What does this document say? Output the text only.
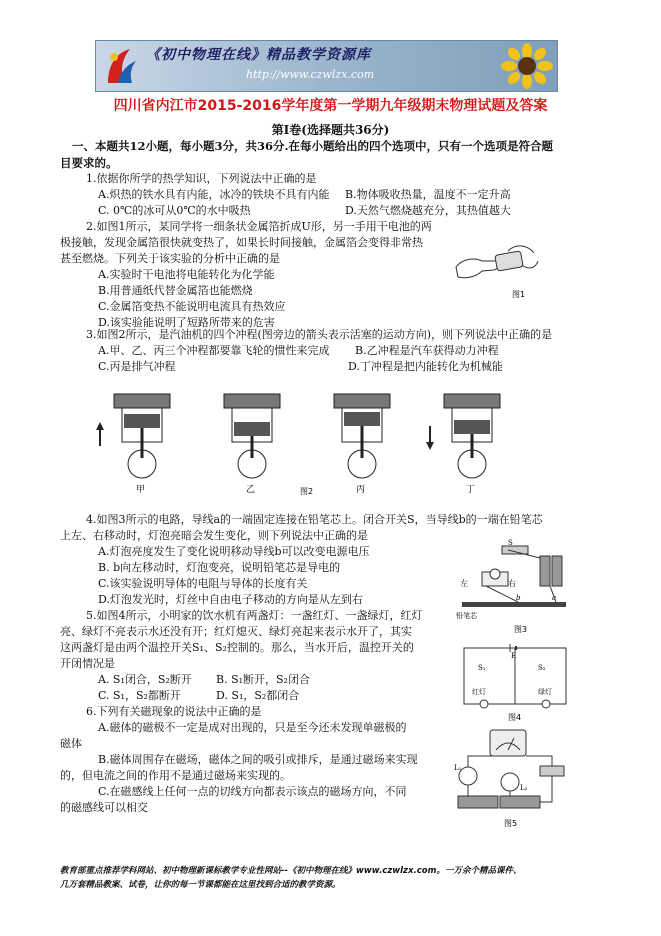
《初中物理在线》精品教学资源库
http://www.czwlzx.com
四川省内江市2015-2016学年度第一学期九年级期末物理试题及答案
第Ⅰ卷(选择题共36分)
一、本题共12小题，每小题3分，共36分.在每小题给出的四个选项中，只有一个选项是符合题
目要求的。
1.依据你所学的热学知识，下列说法中正确的是
A.炽热的铁水具有内能，冰冷的铁块不具有内能 B.物体吸收热量，温度不一定升高
C. 0℃的冰可从0℃的水中吸热	D.天然气燃烧越充分，其热值越大
2.如图1所示，某同学将一细条状金属箔折成U形，另一手用干电池的两
极接触，发现金属箔很快就变热了，如果长时间接触，金属箔会变得非常热
甚至燃烧。下列关于该实验的分析中正确的是
A.实验时干电池将电能转化为化学能
B.用普通纸代替金属箔也能燃烧
C.金属箔变热不能说明电流具有热效应
D.该实验能说明了短路所带来的危害
图1
3.如图2所示，是汽油机的四个冲程(图旁边的箭头表示活塞的运动方向)，则下列说法中正确的是
A.甲、乙、丙三个冲程都要靠飞轮的惯性来完成 B.乙冲程是汽车获得动力冲程
C.丙是排气冲程	D.丁冲程是把内能转化为机械能
甲	乙	丙	丁
图2
4.如图3所示的电路，导线a的一端固定连接在铅笔芯上。闭合开关S，当导线b的一端在铅笔芯
上左、右移动时，灯泡亮暗会发生变化，则下列说法中正确的是
A.灯泡亮度发生了变化说明移动导线b可以改变电源电压
B. b向左移动时，灯泡变亮，说明铅笔芯是导电的
C.该实验说明导体的电阻与导体的长度有关
D.灯泡发光时，灯丝中自由电子移动的方向是从左到右
S
左	右
铅笔芯
b	a
图3
5.如图4所示，小明家的饮水机有两盏灯：一盏红灯、一盏绿灯，红灯
亮、绿灯不亮表示水还没有开；红灯熄灭、绿灯亮起来表示水开了，其实
这两盏灯是由两个温控开关S₁、S₂控制的。那么，当水开后，温控开关的
开闭情况是
A. S₁闭合，S₂断开 B. S₁断开，S₂闭合
C. S₁，S₂都断开	D. S₁，S₂都闭合
E
S₁	S₂
红灯	绿灯
图4
6.下列有关磁现象的说法中正确的是
A.磁体的磁极不一定是成对出现的，只是至今还未发现单磁极的
磁体
B.磁体周围存在磁场，磁体之间的吸引或排斥，是通过磁场来实现
的，但电流之间的作用不是通过磁场来实现的。
C.在磁感线上任何一点的切线方向都表示该点的磁场方向，不同
的磁感线可以相交
L₁
L₂
图5
教育部重点推荐学科网站、初中物理新课标教学专业性网站--《初中物理在线》www.czwlzx.com。一万余个精品课件、
几万套精品教案、试卷，让你的每一节课都能在这里找到合适的教学资源。
